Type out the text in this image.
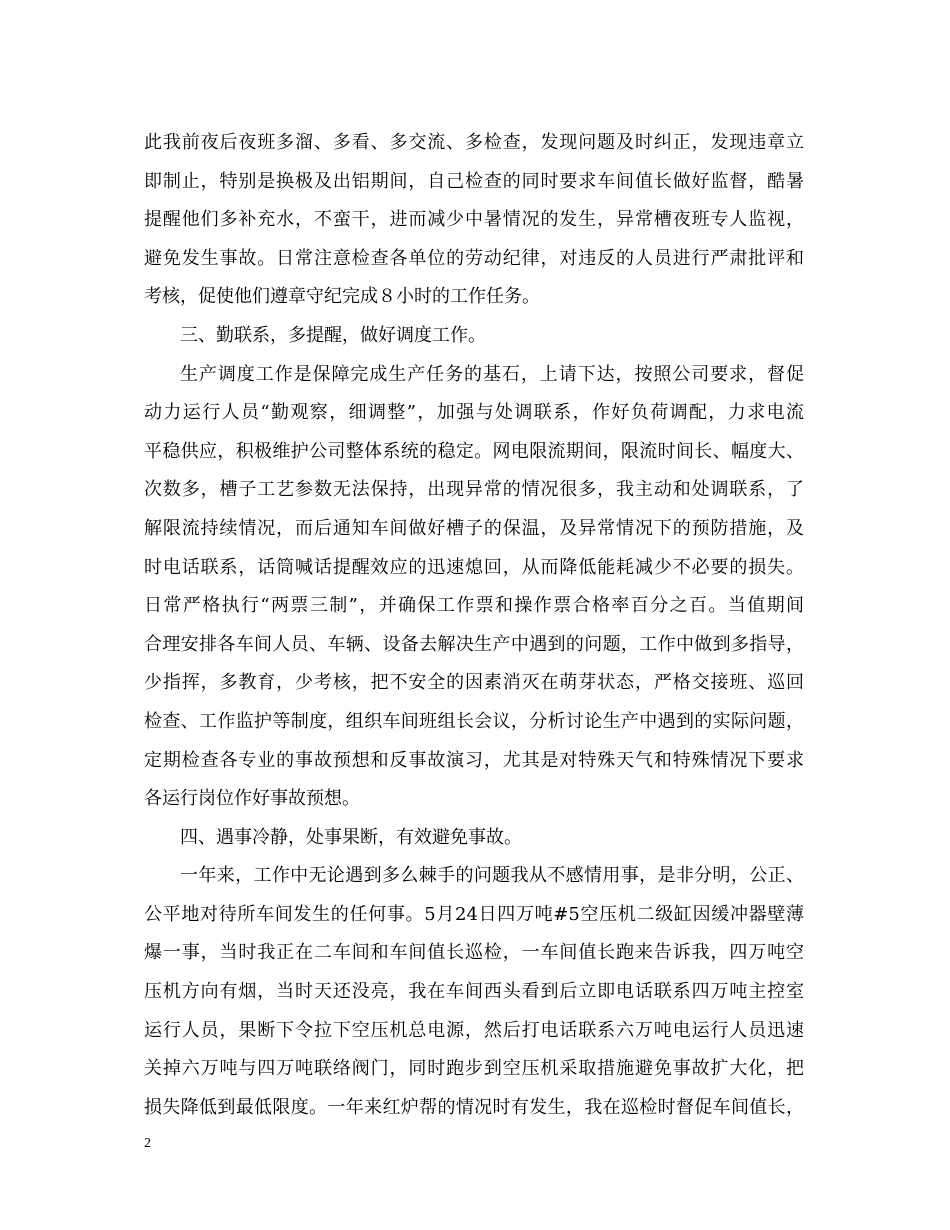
此我前夜后夜班多溜、多看、多交流、多检查，发现问题及时纠正，发现违章立
即制止，特别是换极及出铝期间，自己检查的同时要求车间值长做好监督，酷暑
提醒他们多补充水，不蛮干，进而减少中暑情况的发生，异常槽夜班专人监视，
避免发生事故。日常注意检查各单位的劳动纪律，对违反的人员进行严肃批评和
考核，促使他们遵章守纪完成８小时的工作任务。
三、勤联系，多提醒，做好调度工作。
生产调度工作是保障完成生产任务的基石，上请下达，按照公司要求，督促
动力运行人员“勤观察，细调整”，加强与处调联系，作好负荷调配，力求电流
平稳供应，积极维护公司整体系统的稳定。网电限流期间，限流时间长、幅度大、
次数多，槽子工艺参数无法保持，出现异常的情况很多，我主动和处调联系，了
解限流持续情况，而后通知车间做好槽子的保温，及异常情况下的预防措施，及
时电话联系，话筒喊话提醒效应的迅速熄回，从而降低能耗减少不必要的损失。
日常严格执行“两票三制”，并确保工作票和操作票合格率百分之百。当值期间
合理安排各车间人员、车辆、设备去解决生产中遇到的问题，工作中做到多指导，
少指挥，多教育，少考核，把不安全的因素消灭在萌芽状态，严格交接班、巡回
检查、工作监护等制度，组织车间班组长会议，分析讨论生产中遇到的实际问题，
定期检查各专业的事故预想和反事故演习，尤其是对特殊天气和特殊情况下要求
各运行岗位作好事故预想。
四、遇事冷静，处事果断，有效避免事故。
一年来，工作中无论遇到多么棘手的问题我从不感情用事，是非分明，公正、
公平地对待所车间发生的任何事。5月24日四万吨#5空压机二级缸因缓冲器壁薄
爆一事，当时我正在二车间和车间值长巡检，一车间值长跑来告诉我，四万吨空
压机方向有烟，当时天还没亮，我在车间西头看到后立即电话联系四万吨主控室
运行人员，果断下令拉下空压机总电源，然后打电话联系六万吨电运行人员迅速
关掉六万吨与四万吨联络阀门，同时跑步到空压机采取措施避免事故扩大化，把
损失降低到最低限度。一年来红炉帮的情况时有发生，我在巡检时督促车间值长，
2
